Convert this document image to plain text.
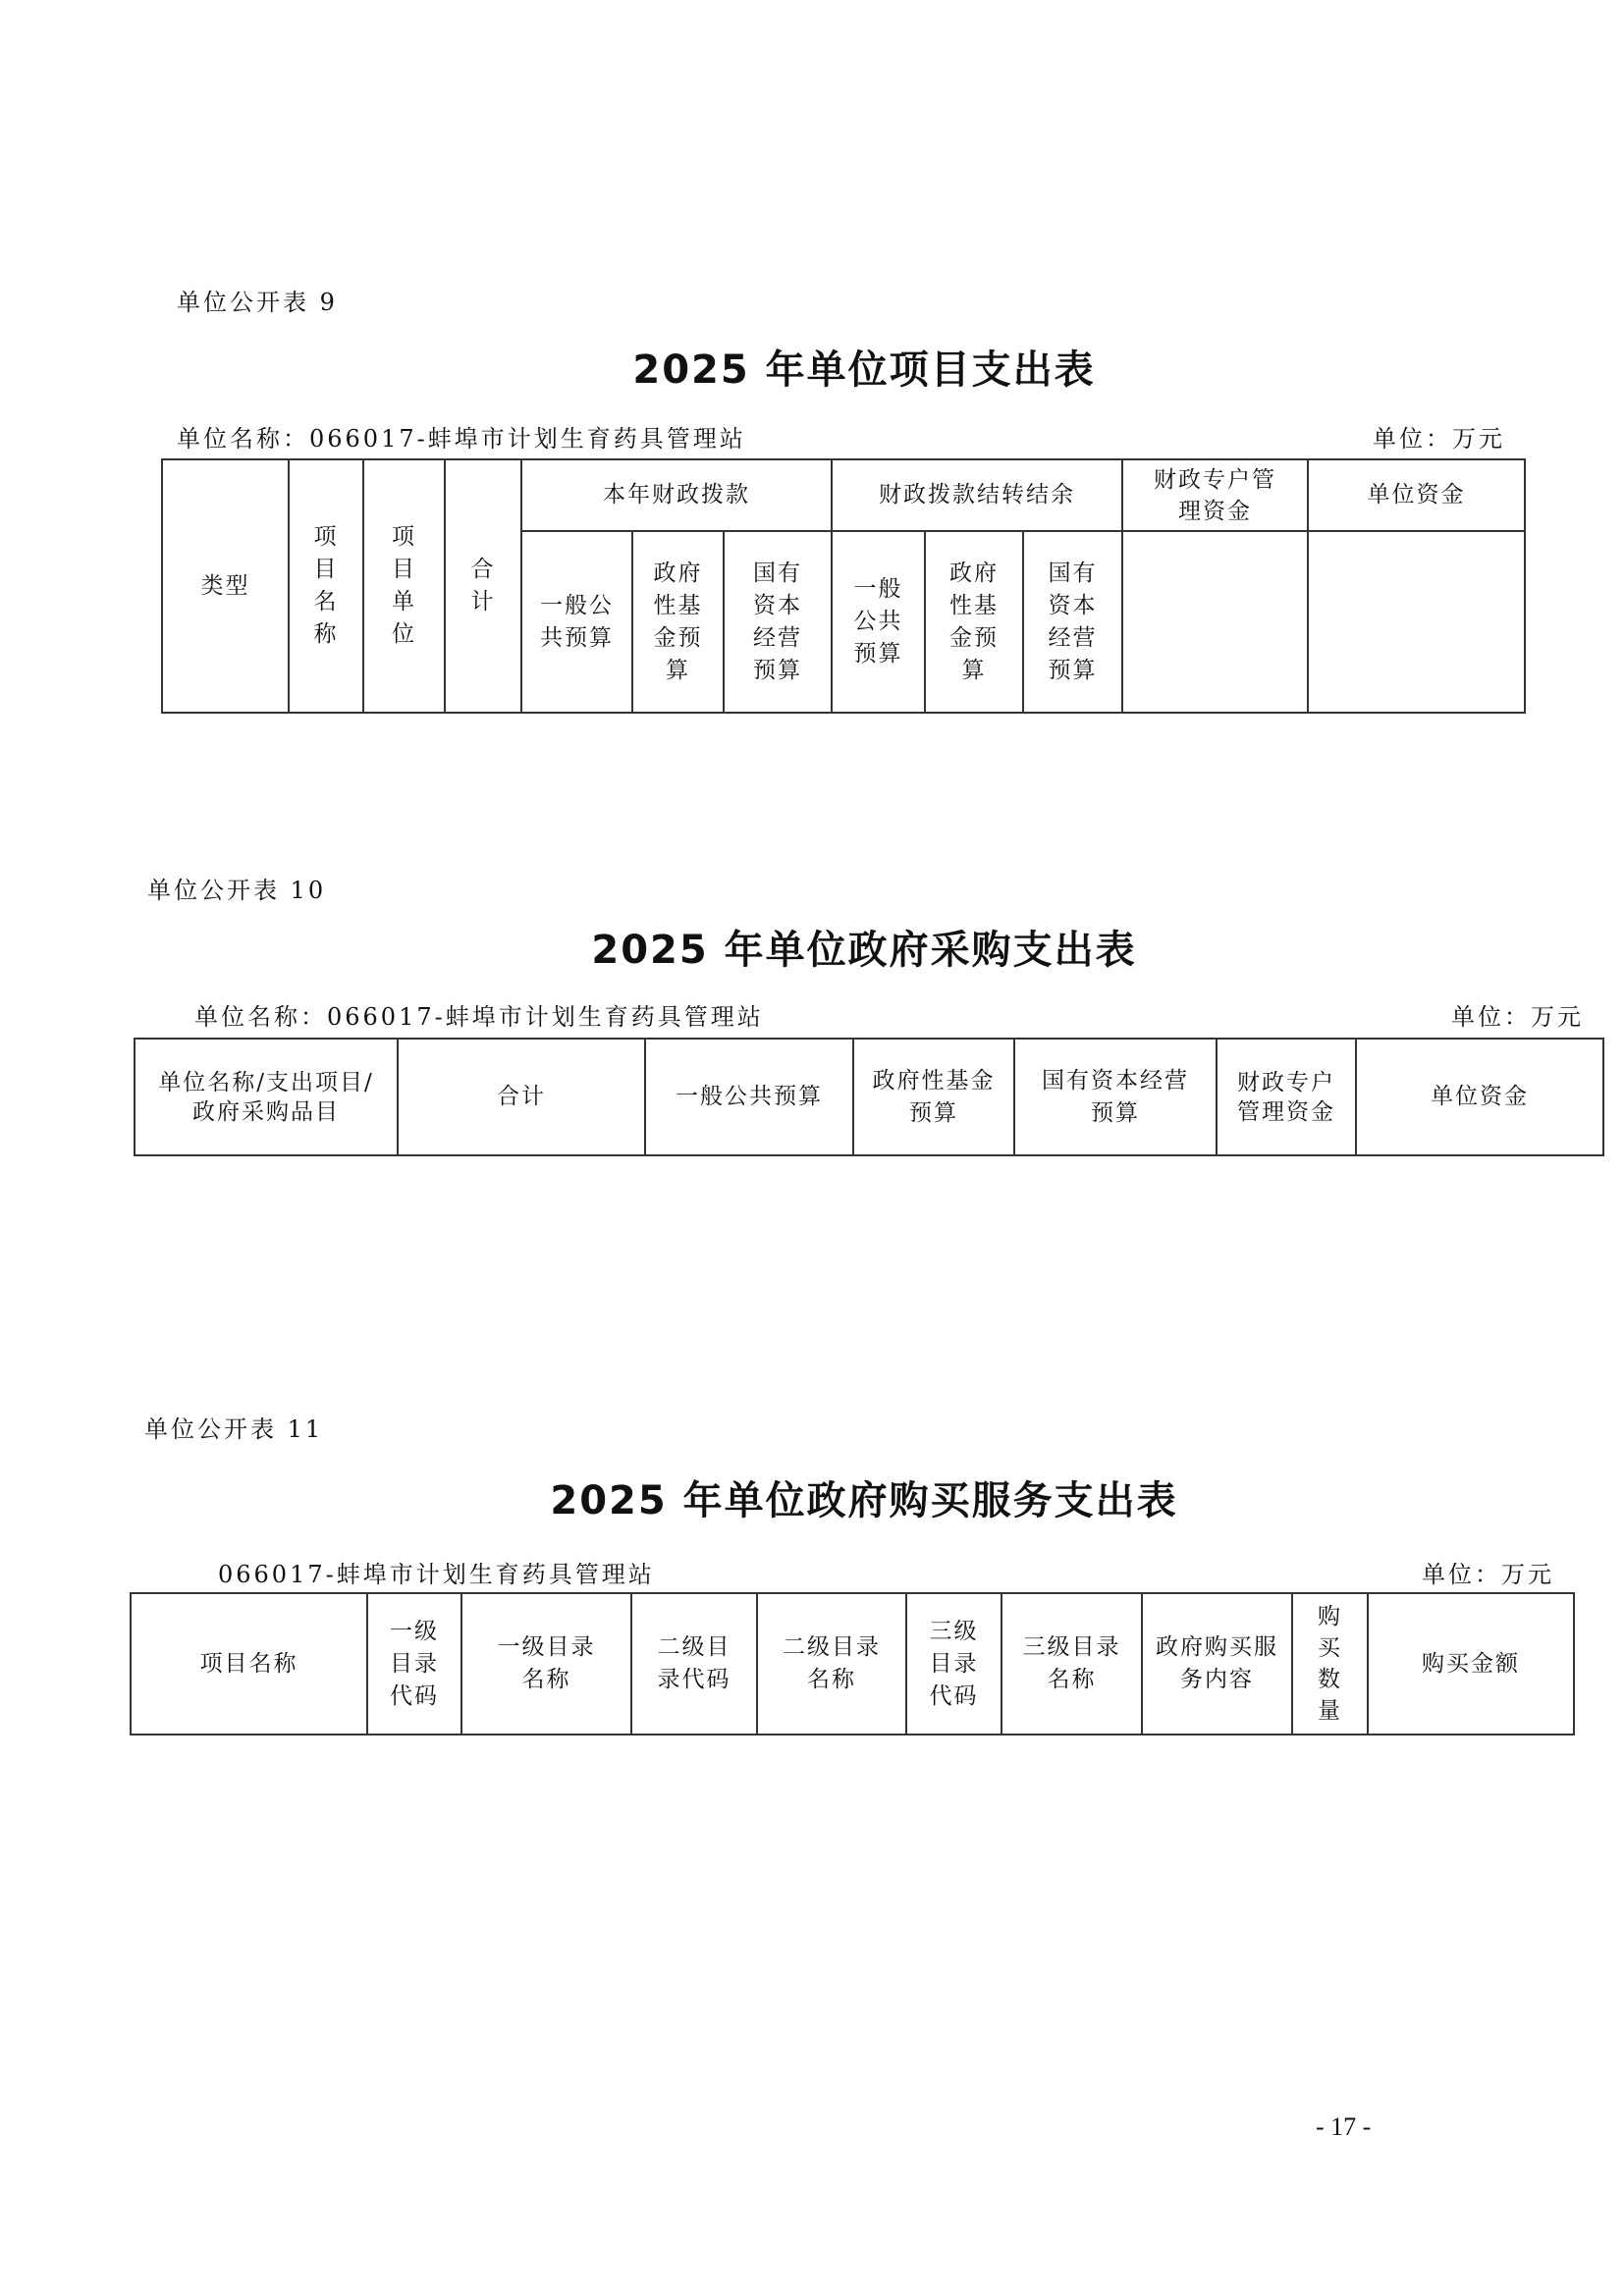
单位公开表 9
2025 年单位项目支出表
单位名称：066017-蚌埠市计划生育药具管理站	单位：万元
类型	项目名称	项目单位	合计	本年财政拨款			财政拨款结转结余			财政专户管理资金	单位资金
				一般公共预算	政府性基金预算	国有资本经营预算	一般公共预算	政府性基金预算	国有资本经营预算		
单位公开表 10
2025 年单位政府采购支出表
单位名称：066017-蚌埠市计划生育药具管理站	单位：万元
单位名称/支出项目/政府采购品目	合计	一般公共预算	政府性基金预算	国有资本经营预算	财政专户管理资金	单位资金
单位公开表 11
2025 年单位政府购买服务支出表
066017-蚌埠市计划生育药具管理站	单位：万元
项目名称	一级目录代码	一级目录名称	二级目录代码	二级目录名称	三级目录代码	三级目录名称	政府购买服务内容	购买数量	购买金额
- 17 -
